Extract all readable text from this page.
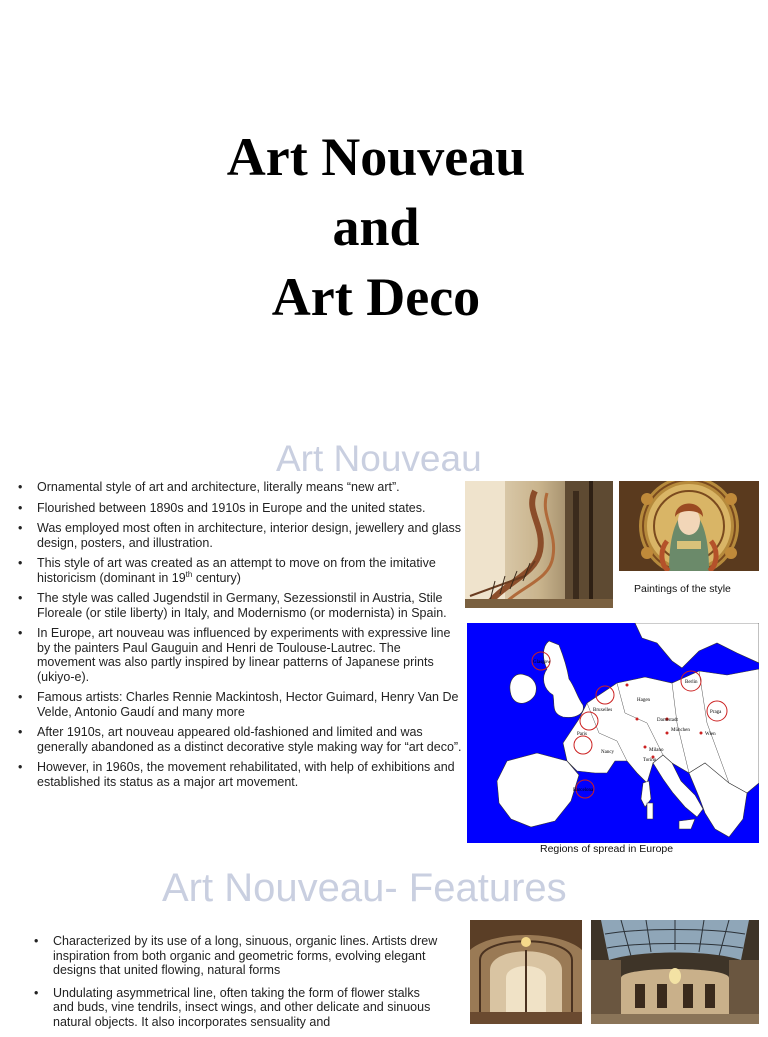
Art Nouveau
and
Art Deco
Art Nouveau
• Ornamental style of art and architecture, literally means “new art”.
• Flourished between 1890s and 1910s in Europe and the united states.
• Was employed most often in architecture, interior design, jewellery and glass design, posters, and illustration.
• This style of art was created as an attempt to move on from the imitative historicism (dominant in 19th century)
• The style was called Jugendstil in Germany, Sezessionstil in Austria, Stile Floreale (or stile liberty) in Italy, and Modernismo (or modernista) in Spain.
• In Europe, art nouveau was influenced by experiments with expressive line by the painters Paul Gauguin and Henri de Toulouse-Lautrec. The movement was also partly inspired by linear patterns of Japanese prints (ukiyo-e).
• Famous artists: Charles Rennie Mackintosh, Hector Guimard, Henry Van De Velde, Antonio Gaudí and many more
• After 1910s, art nouveau appeared old-fashioned and limited and was generally abandoned as a distinct decorative style making way for “art deco”.
• However, in 1960s, the movement rehabilitated, with help of exhibitions and established its status as a major art movement.
Paintings of the style
Glasgow
Bruxelles
Paris
Nancy
Darmstadt
Hagen
Berlin
Praga
München
Wien
Milano
Torino
Barcelona
Regions of spread in Europe
Art Nouveau- Features
• Characterized by its use of a long, sinuous, organic lines. Artists drew inspiration from both organic and geometric forms, evolving elegant designs that united flowing, natural forms
• Undulating asymmetrical line, often taking the form of flower stalks and buds, vine tendrils, insect wings, and other delicate and sinuous natural objects. It also incorporates sensuality and
